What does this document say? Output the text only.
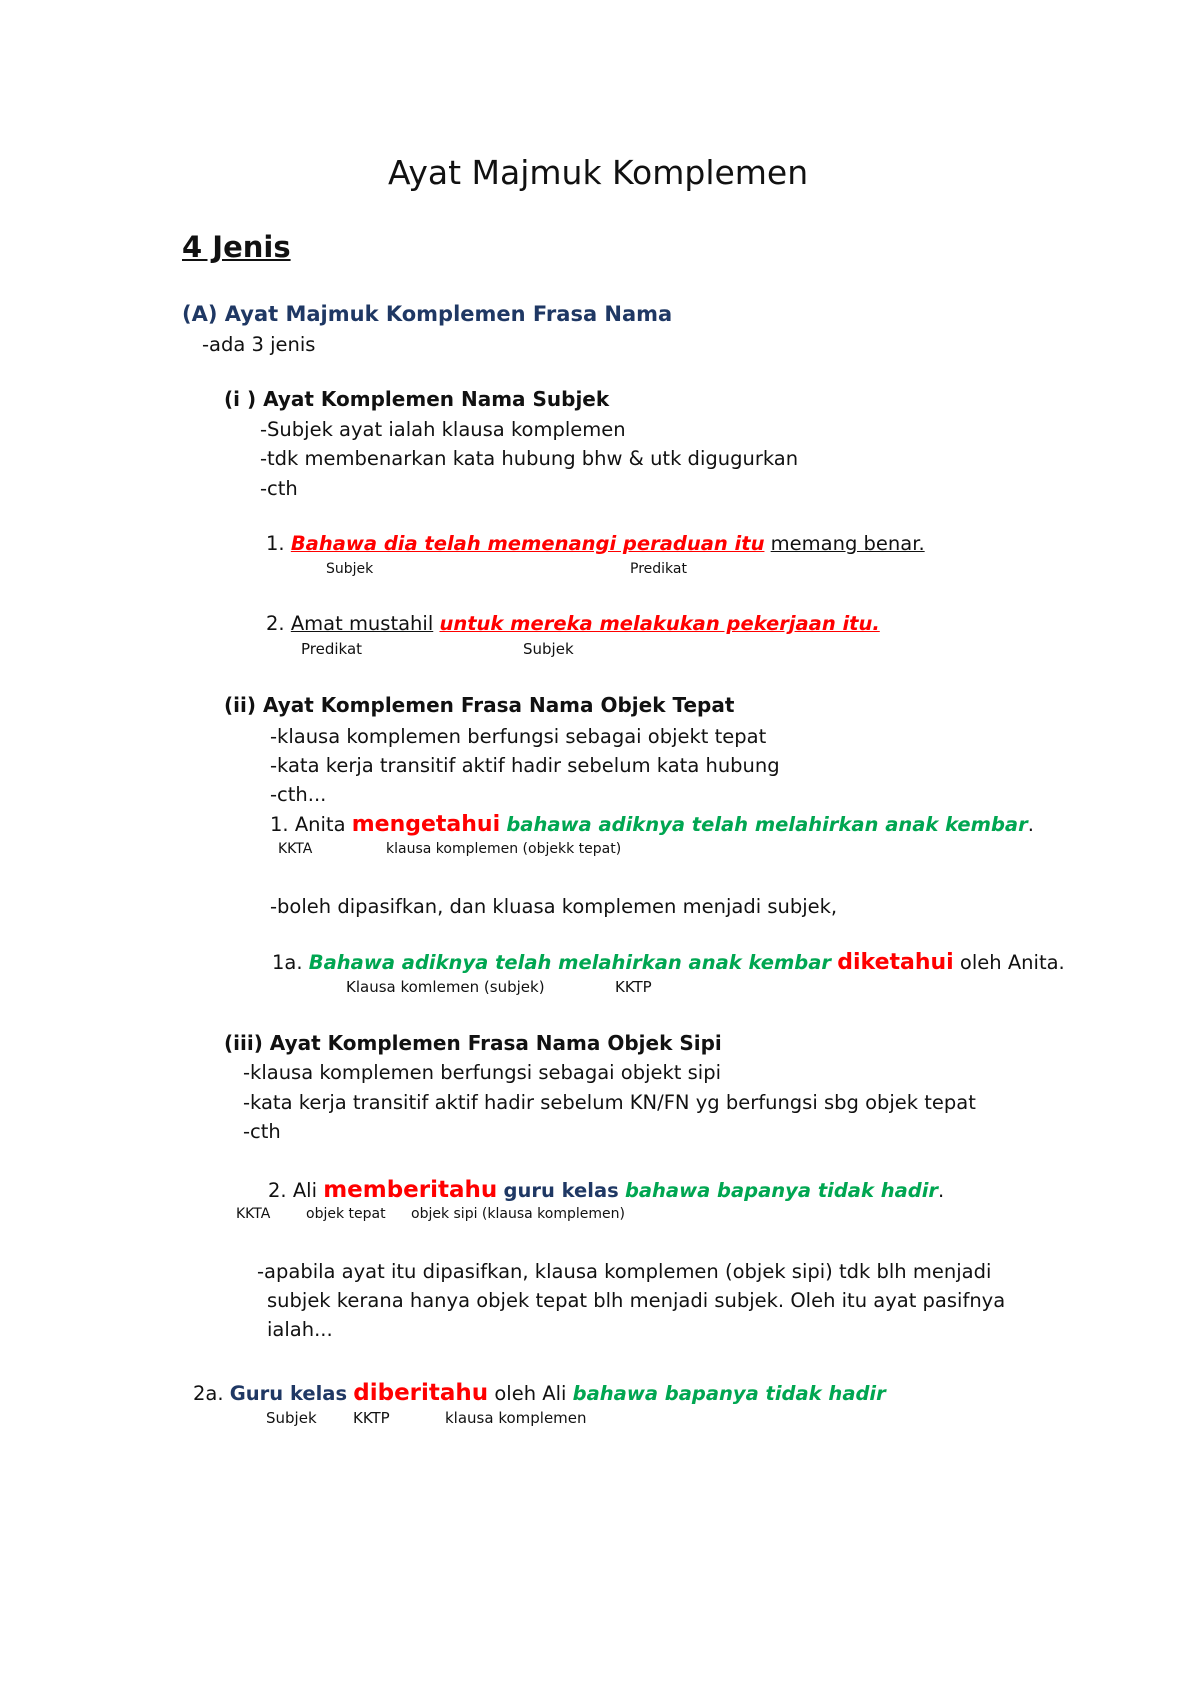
Ayat Majmuk Komplemen
4 Jenis
(A) Ayat Majmuk Komplemen Frasa Nama
-ada 3 jenis
(i ) Ayat Komplemen Nama Subjek
-Subjek ayat ialah klausa komplemen
-tdk membenarkan kata hubung bhw & utk digugurkan
-cth
1. Bahawa dia telah memenangi peraduan itu memang benar.
Subjek	Predikat
2. Amat mustahil untuk mereka melakukan pekerjaan itu.
Predikat	Subjek
(ii) Ayat Komplemen Frasa Nama Objek Tepat
-klausa komplemen berfungsi sebagai objekt tepat
-kata kerja transitif aktif hadir sebelum kata hubung
-cth...
1. Anita mengetahui bahawa adiknya telah melahirkan anak kembar.
KKTA	klausa komplemen (objekk tepat)
-boleh dipasifkan, dan kluasa komplemen menjadi subjek,
1a. Bahawa adiknya telah melahirkan anak kembar diketahui oleh Anita.
Klausa komlemen (subjek)	KKTP
(iii) Ayat Komplemen Frasa Nama Objek Sipi
-klausa komplemen berfungsi sebagai objekt sipi
-kata kerja transitif aktif hadir sebelum KN/FN yg berfungsi sbg objek tepat
-cth
2. Ali memberitahu guru kelas bahawa bapanya tidak hadir.
KKTA	objek tepat objek sipi (klausa komplemen)
-apabila ayat itu dipasifkan, klausa komplemen (objek sipi) tdk blh menjadi
subjek kerana hanya objek tepat blh menjadi subjek. Oleh itu ayat pasifnya
ialah...
2a. Guru kelas diberitahu oleh Ali bahawa bapanya tidak hadir
Subjek KKTP	klausa komplemen
